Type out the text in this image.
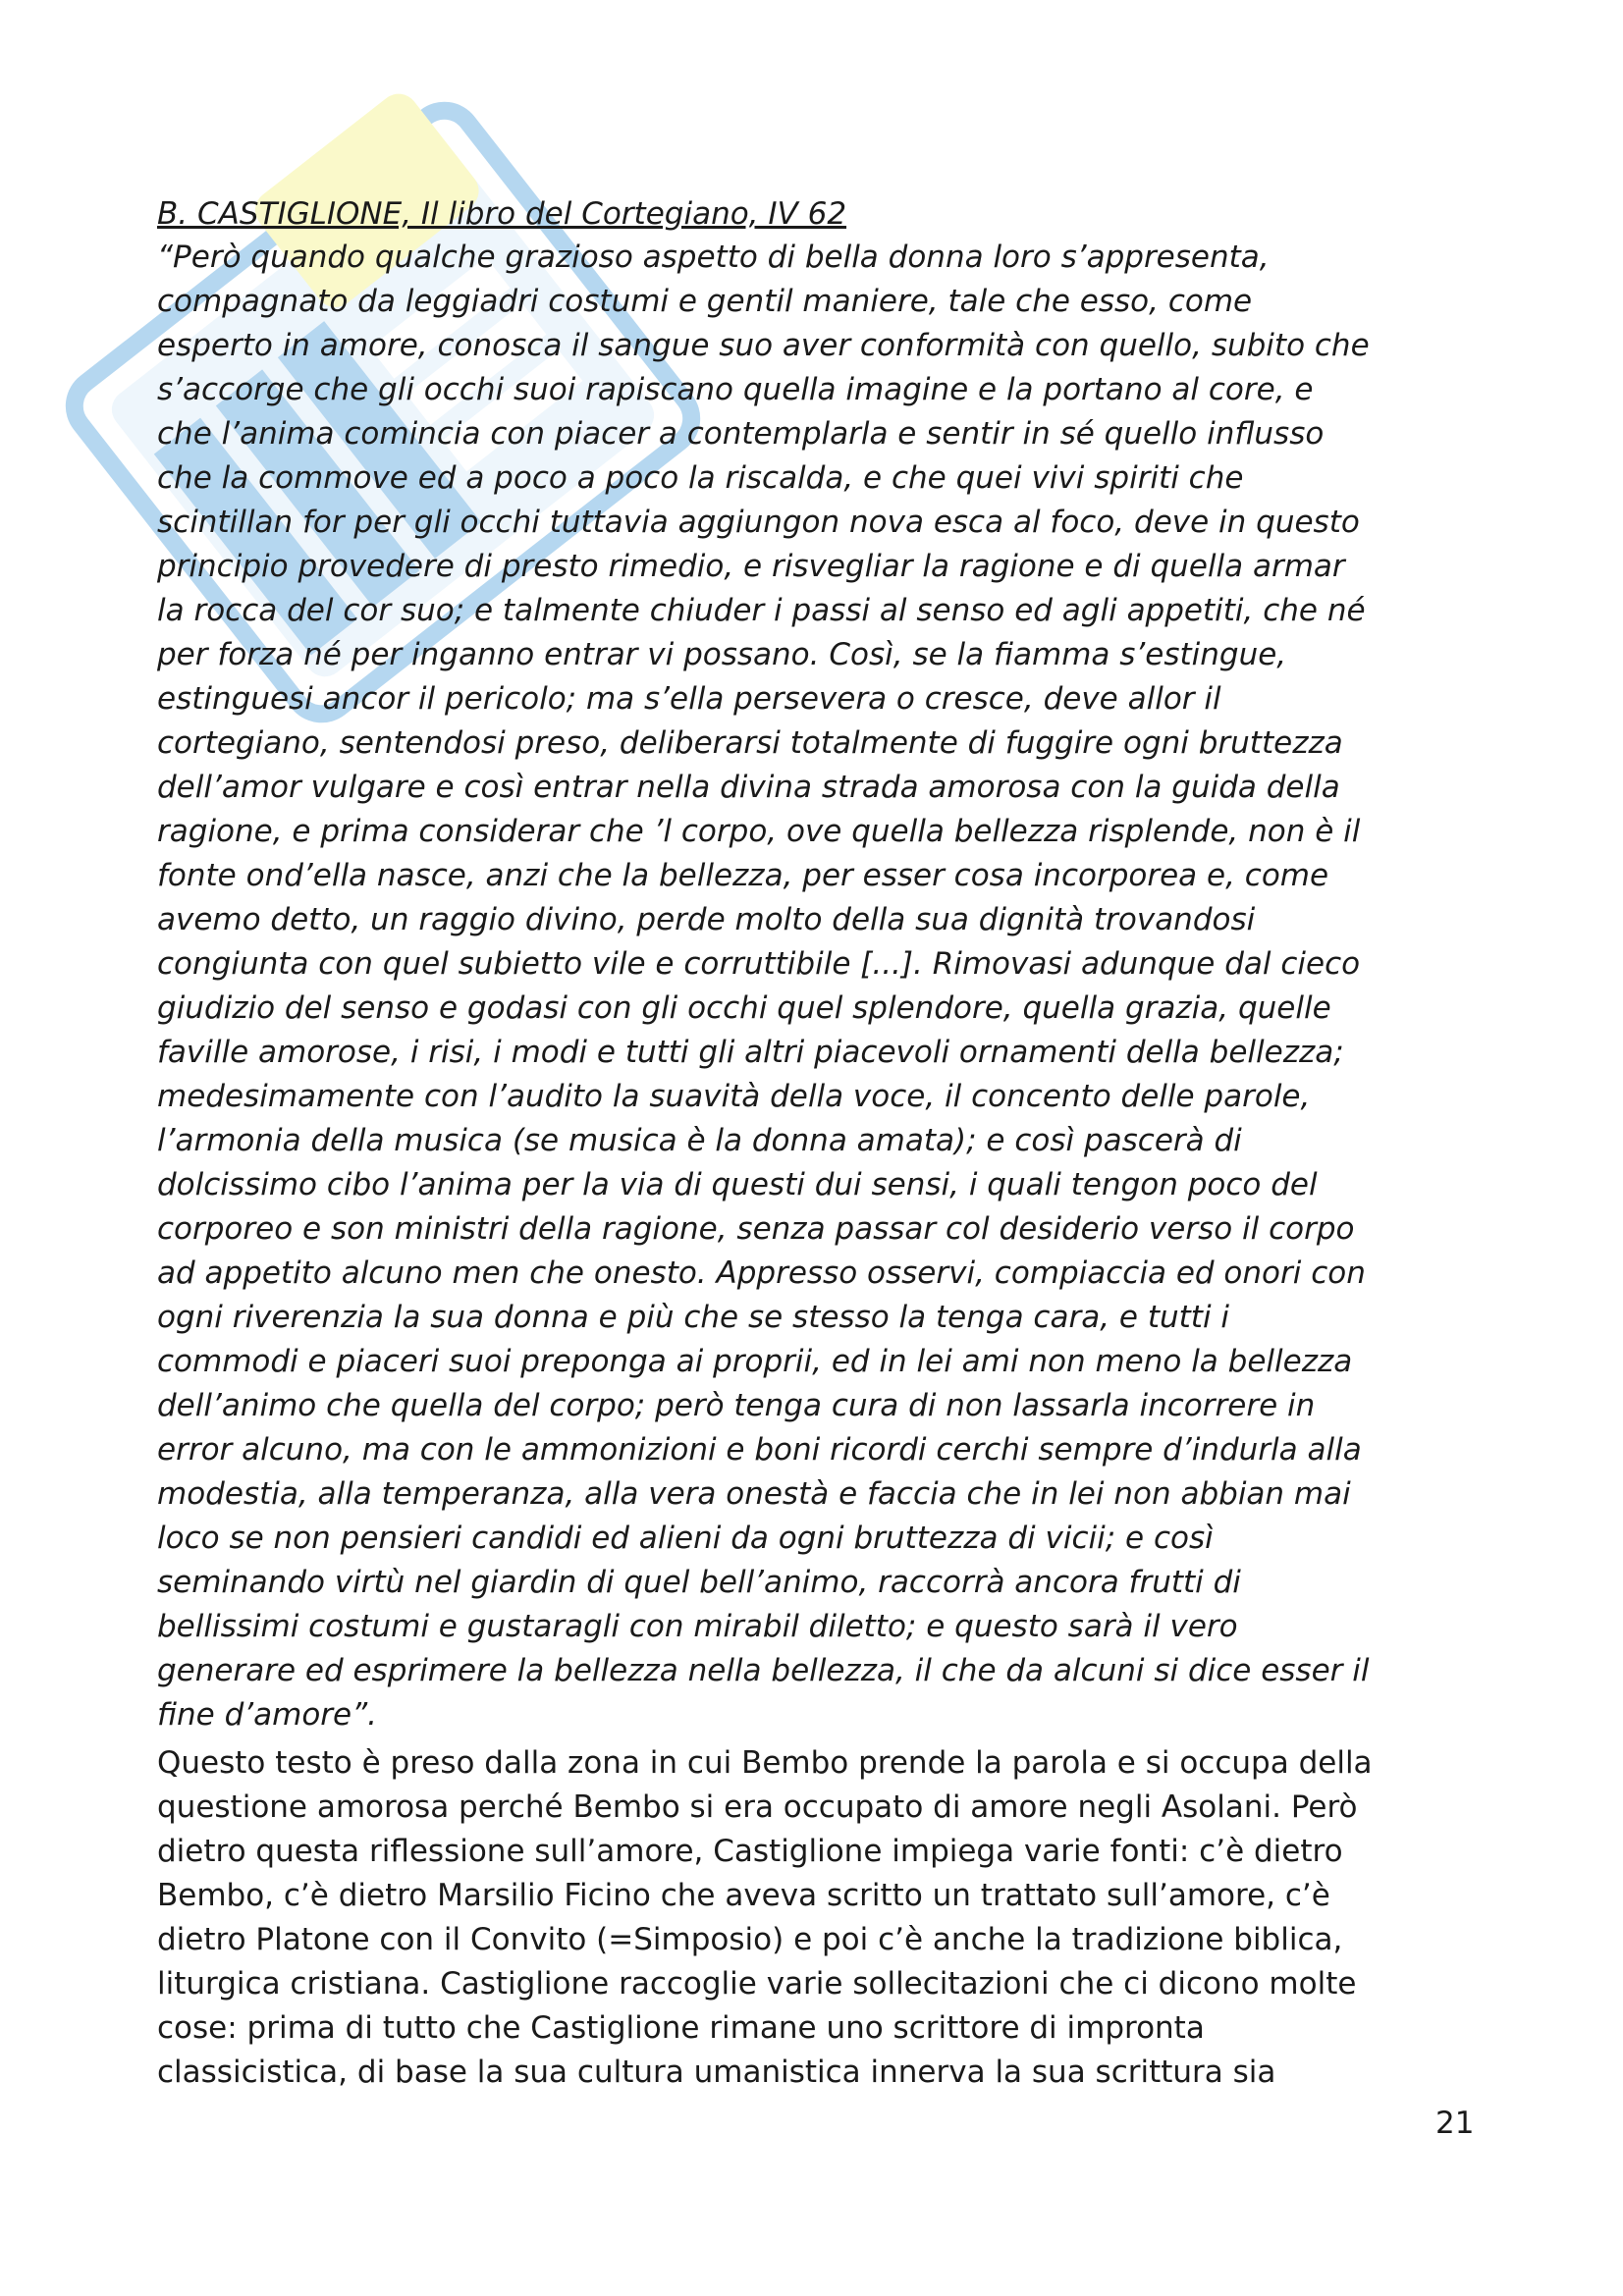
B. CASTIGLIONE, Il libro del Cortegiano, IV 62
“Però quando qualche grazioso aspetto di bella donna loro s’appresenta,
compagnato da leggiadri costumi e gentil maniere, tale che esso, come
esperto in amore, conosca il sangue suo aver conformità con quello, subito che
s’accorge che gli occhi suoi rapiscano quella imagine e la portano al core, e
che l’anima comincia con piacer a contemplarla e sentir in sé quello influsso
che la commove ed a poco a poco la riscalda, e che quei vivi spiriti che
scintillan for per gli occhi tuttavia aggiungon nova esca al foco, deve in questo
principio provedere di presto rimedio, e risvegliar la ragione e di quella armar
la rocca del cor suo; e talmente chiuder i passi al senso ed agli appetiti, che né
per forza né per inganno entrar vi possano. Così, se la fiamma s’estingue,
estinguesi ancor il pericolo; ma s’ella persevera o cresce, deve allor il
cortegiano, sentendosi preso, deliberarsi totalmente di fuggire ogni bruttezza
dell’amor vulgare e così entrar nella divina strada amorosa con la guida della
ragione, e prima considerar che ’l corpo, ove quella bellezza risplende, non è il
fonte ond’ella nasce, anzi che la bellezza, per esser cosa incorporea e, come
avemo detto, un raggio divino, perde molto della sua dignità trovandosi
congiunta con quel subietto vile e corruttibile [...]. Rimovasi adunque dal cieco
giudizio del senso e godasi con gli occhi quel splendore, quella grazia, quelle
faville amorose, i risi, i modi e tutti gli altri piacevoli ornamenti della bellezza;
medesimamente con l’audito la suavità della voce, il concento delle parole,
l’armonia della musica (se musica è la donna amata); e così pascerà di
dolcissimo cibo l’anima per la via di questi dui sensi, i quali tengon poco del
corporeo e son ministri della ragione, senza passar col desiderio verso il corpo
ad appetito alcuno men che onesto. Appresso osservi, compiaccia ed onori con
ogni riverenzia la sua donna e più che se stesso la tenga cara, e tutti i
commodi e piaceri suoi preponga ai proprii, ed in lei ami non meno la bellezza
dell’animo che quella del corpo; però tenga cura di non lassarla incorrere in
error alcuno, ma con le ammonizioni e boni ricordi cerchi sempre d’indurla alla
modestia, alla temperanza, alla vera onestà e faccia che in lei non abbian mai
loco se non pensieri candidi ed alieni da ogni bruttezza di vicii; e così
seminando virtù nel giardin di quel bell’animo, raccorrà ancora frutti di
bellissimi costumi e gustaragli con mirabil diletto; e questo sarà il vero
generare ed esprimere la bellezza nella bellezza, il che da alcuni si dice esser il
fine d’amore”.
Questo testo è preso dalla zona in cui Bembo prende la parola e si occupa della
questione amorosa perché Bembo si era occupato di amore negli Asolani. Però
dietro questa riflessione sull’amore, Castiglione impiega varie fonti: c’è dietro
Bembo, c’è dietro Marsilio Ficino che aveva scritto un trattato sull’amore, c’è
dietro Platone con il Convito (=Simposio) e poi c’è anche la tradizione biblica,
liturgica cristiana. Castiglione raccoglie varie sollecitazioni che ci dicono molte
cose: prima di tutto che Castiglione rimane uno scrittore di impronta
classicistica, di base la sua cultura umanistica innerva la sua scrittura sia
21
